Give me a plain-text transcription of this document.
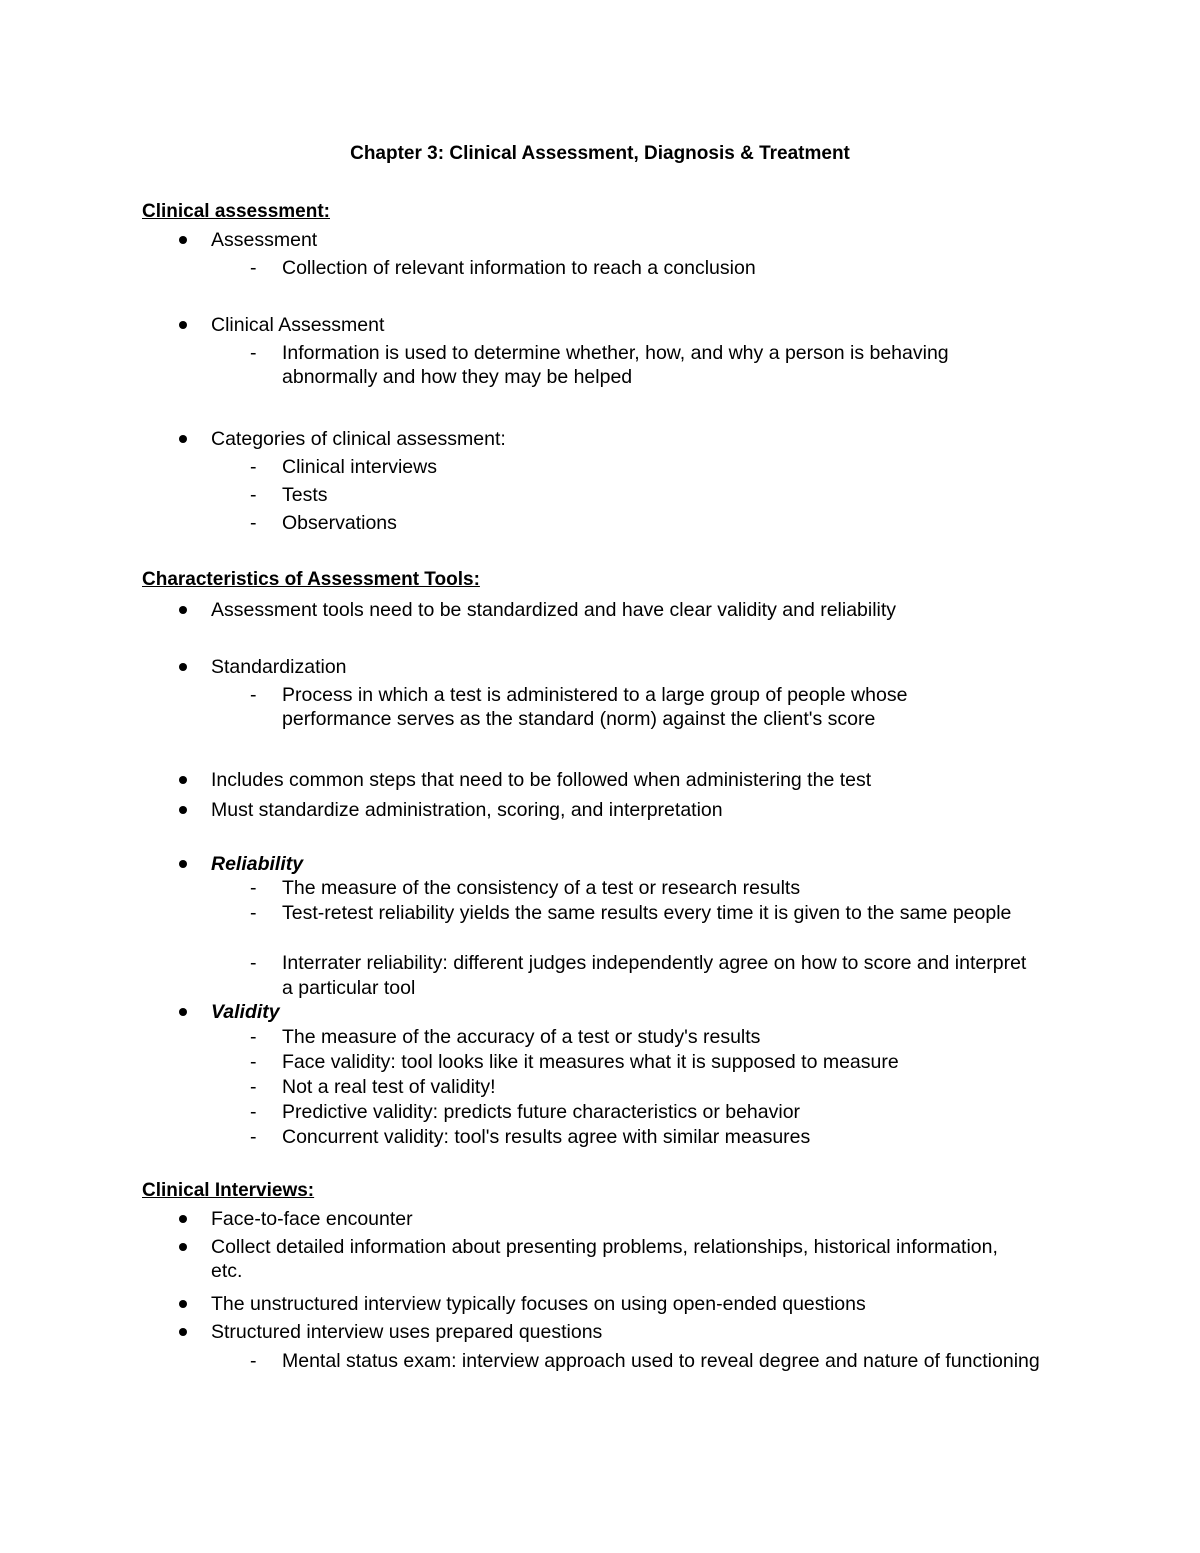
Chapter 3: Clinical Assessment, Diagnosis & Treatment
Clinical assessment:
Assessment
- Collection of relevant information to reach a conclusion
Clinical Assessment
- Information is used to determine whether, how, and why a person is behaving abnormally and how they may be helped
Categories of clinical assessment:
- Clinical interviews
- Tests
- Observations
Characteristics of Assessment Tools:
Assessment tools need to be standardized and have clear validity and reliability
Standardization
- Process in which a test is administered to a large group of people whose performance serves as the standard (norm) against the client's score
Includes common steps that need to be followed when administering the test
Must standardize administration, scoring, and interpretation
Reliability
- The measure of the consistency of a test or research results
- Test-retest reliability yields the same results every time it is given to the same people
- Interrater reliability: different judges independently agree on how to score and interpret a particular tool
Validity
- The measure of the accuracy of a test or study's results
- Face validity: tool looks like it measures what it is supposed to measure
- Not a real test of validity!
- Predictive validity: predicts future characteristics or behavior
- Concurrent validity: tool's results agree with similar measures
Clinical Interviews:
Face-to-face encounter
Collect detailed information about presenting problems, relationships, historical information, etc.
The unstructured interview typically focuses on using open-ended questions
Structured interview uses prepared questions
- Mental status exam: interview approach used to reveal degree and nature of functioning
